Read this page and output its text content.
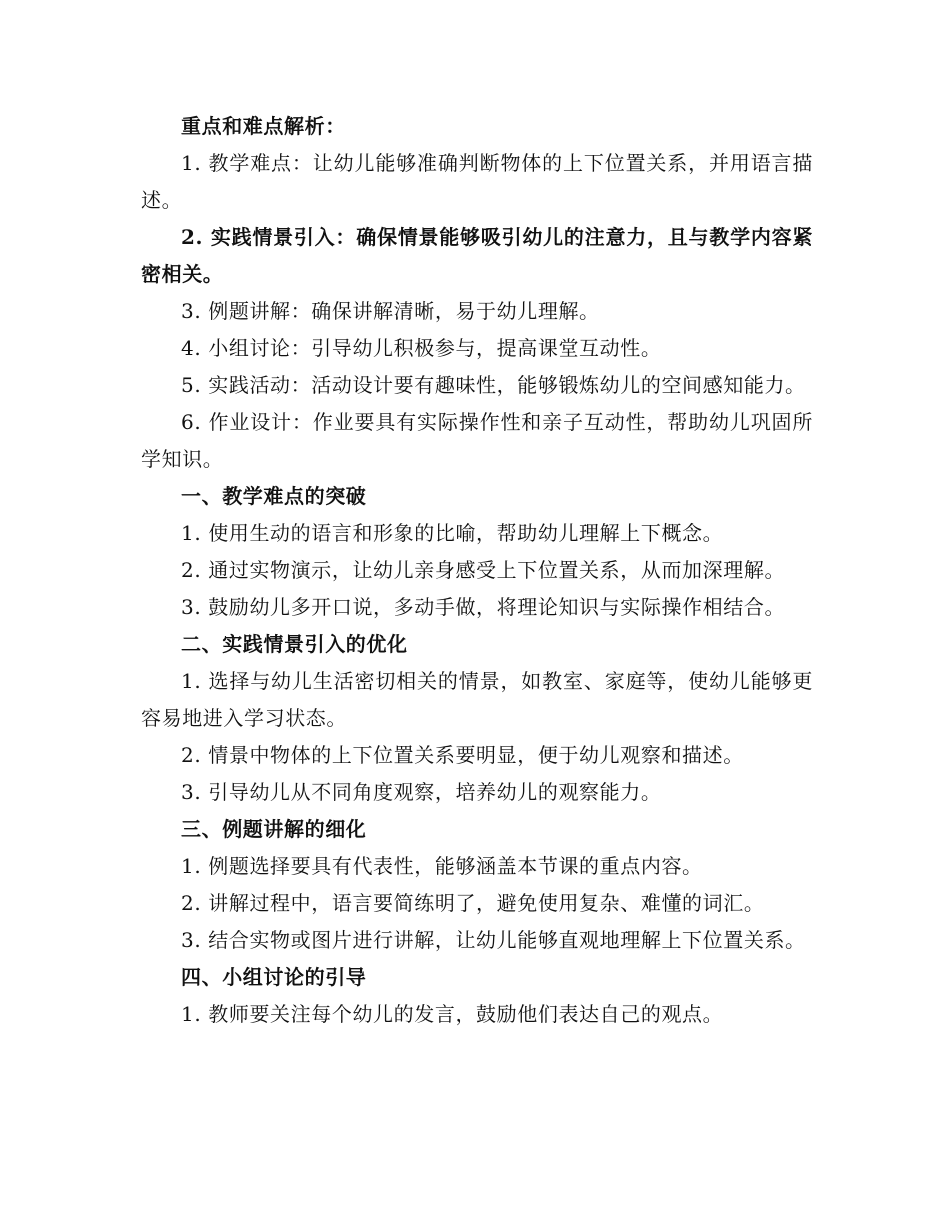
重点和难点解析：

1. 教学难点：让幼儿能够准确判断物体的上下位置关系，并用语言描述。

2. 实践情景引入：确保情景能够吸引幼儿的注意力，且与教学内容紧密相关。

3. 例题讲解：确保讲解清晰，易于幼儿理解。

4. 小组讨论：引导幼儿积极参与，提高课堂互动性。

5. 实践活动：活动设计要有趣味性，能够锻炼幼儿的空间感知能力。

6. 作业设计：作业要具有实际操作性和亲子互动性，帮助幼儿巩固所学知识。

一、教学难点的突破

1. 使用生动的语言和形象的比喻，帮助幼儿理解上下概念。

2. 通过实物演示，让幼儿亲身感受上下位置关系，从而加深理解。

3. 鼓励幼儿多开口说，多动手做，将理论知识与实际操作相结合。

二、实践情景引入的优化

1. 选择与幼儿生活密切相关的情景，如教室、家庭等，使幼儿能够更容易地进入学习状态。

2. 情景中物体的上下位置关系要明显，便于幼儿观察和描述。

3. 引导幼儿从不同角度观察，培养幼儿的观察能力。

三、例题讲解的细化

1. 例题选择要具有代表性，能够涵盖本节课的重点内容。

2. 讲解过程中，语言要简练明了，避免使用复杂、难懂的词汇。

3. 结合实物或图片进行讲解，让幼儿能够直观地理解上下位置关系。

四、小组讨论的引导

1. 教师要关注每个幼儿的发言，鼓励他们表达自己的观点。
